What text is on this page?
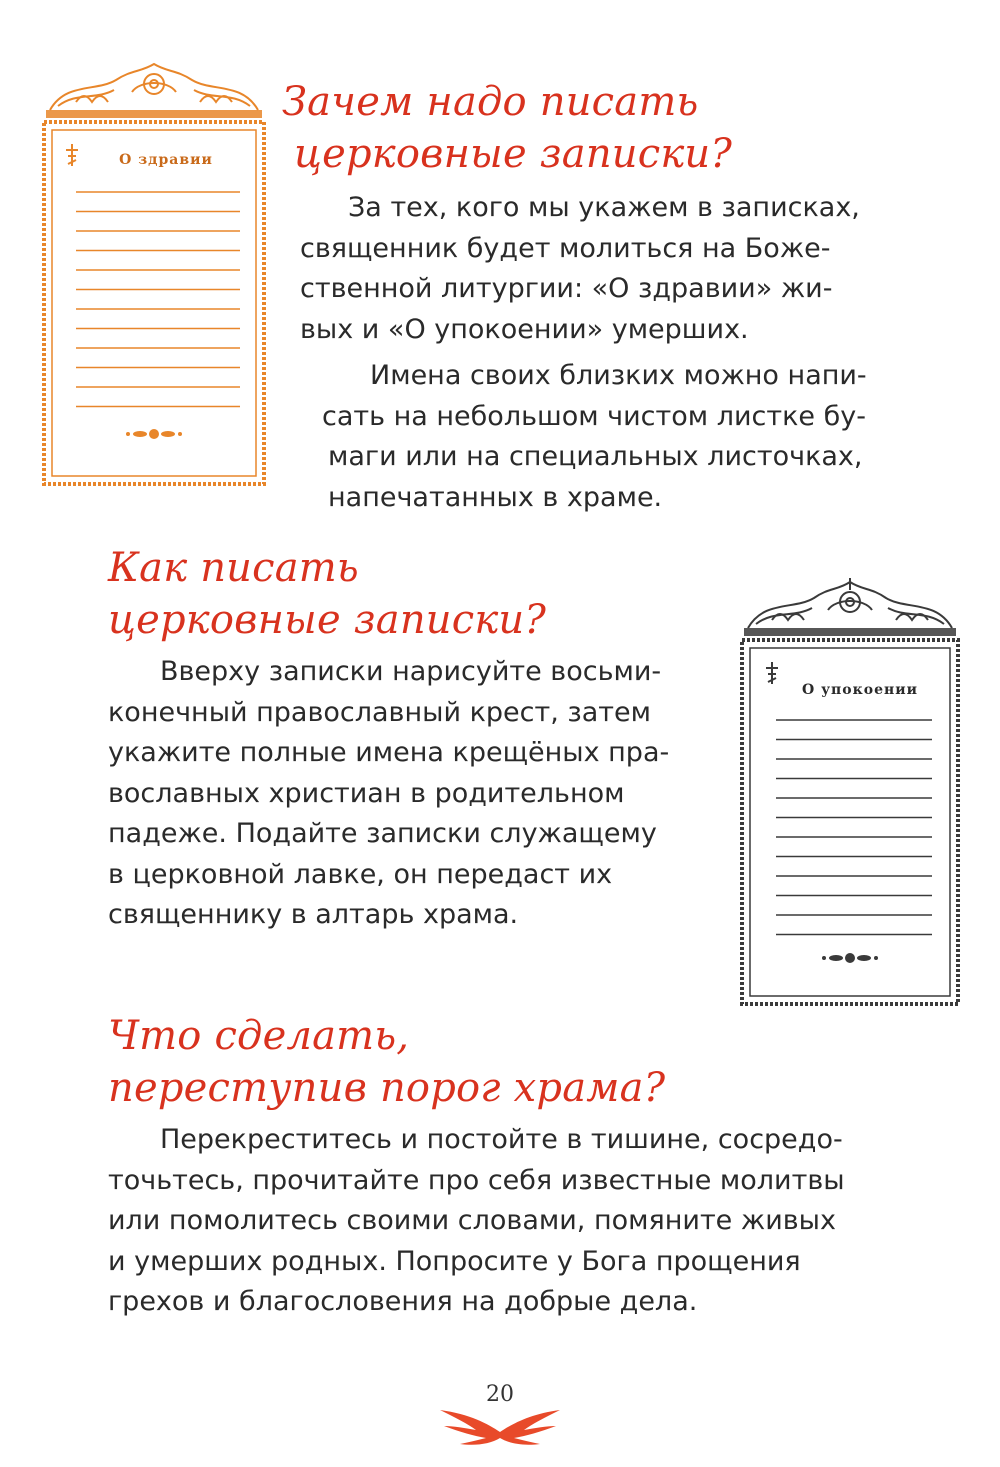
О здравии
О упокоении
Зачем надо писать
церковные записки?
За тех, кого мы укажем в записках,
священник будет молиться на Боже-
ственной литургии: «О здравии» жи-
вых и «О упокоении» умерших.
Имена своих близких можно напи-
сать на небольшом чистом листке бу-
маги или на специальных листочках,
напечатанных в храме.
Как писать
церковные записки?
Вверху записки нарисуйте восьми-
конечный православный крест, затем
укажите полные имена крещёных пра-
вославных христиан в родительном
падеже. Подайте записки служащему
в церковной лавке, он передаст их
священнику в алтарь храма.
Что сделать,
переступив порог храма?
Перекреститесь и постойте в тишине, сосредо-
точьтесь, прочитайте про себя известные молитвы
или помолитесь своими словами, помяните живых
и умерших родных. Попросите у Бога прощения
грехов и благословения на добрые дела.
20
